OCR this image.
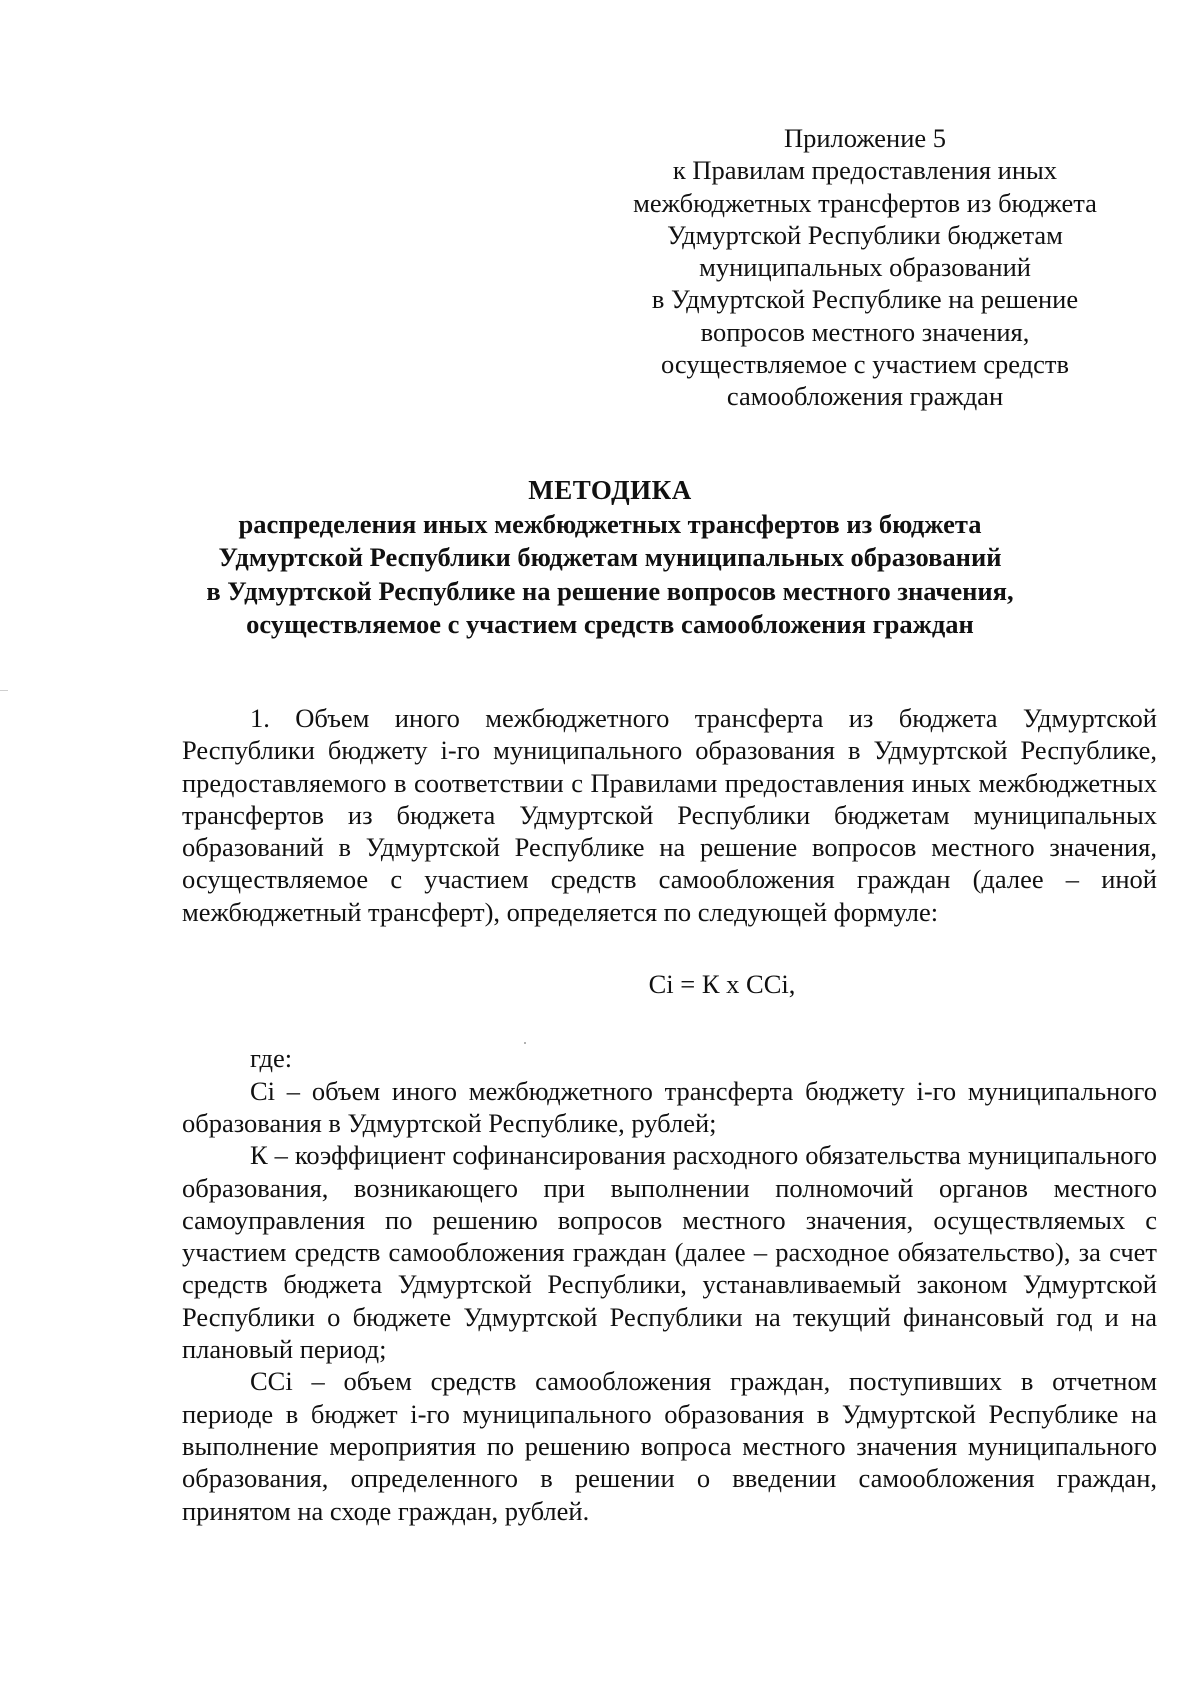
Приложение 5
к Правилам предоставления иных
межбюджетных трансфертов из бюджета
Удмуртской Республики бюджетам
муниципальных образований
в Удмуртской Республике на решение
вопросов местного значения,
осуществляемое с участием средств
самообложения граждан
МЕТОДИКА
распределения иных межбюджетных трансфертов из бюджета
Удмуртской Республики бюджетам муниципальных образований
в Удмуртской Республике на решение вопросов местного значения,
осуществляемое с участием средств самообложения граждан

1. Объем иного межбюджетного трансферта из бюджета Удмуртской Республики бюджету i-го муниципального образования в Удмуртской Республике, предоставляемого в соответствии с Правилами предоставления иных межбюджетных трансфертов из бюджета Удмуртской Республики бюджетам муниципальных образований в Удмуртской Республике на решение вопросов местного значения, осуществляемое с участием средств самообложения граждан (далее – иной межбюджетный трансферт), определяется по следующей формуле:

Ci = К х ССi,

где:

Ci – объем иного межбюджетного трансферта бюджету i-го муниципального образования в Удмуртской Республике, рублей;

К – коэффициент софинансирования расходного обязательства муниципального образования, возникающего при выполнении полномочий органов местного самоуправления по решению вопросов местного значения, осуществляемых с участием средств самообложения граждан (далее – расходное обязательство), за счет средств бюджета Удмуртской Республики, устанавливаемый законом Удмуртской Республики о бюджете Удмуртской Республики на текущий финансовый год и на плановый период;

ССi – объем средств самообложения граждан, поступивших в отчетном периоде в бюджет i-го муниципального образования в Удмуртской Республике на выполнение мероприятия по решению вопроса местного значения муниципального образования, определенного в решении о введении самообложения граждан, принятом на сходе граждан, рублей.
